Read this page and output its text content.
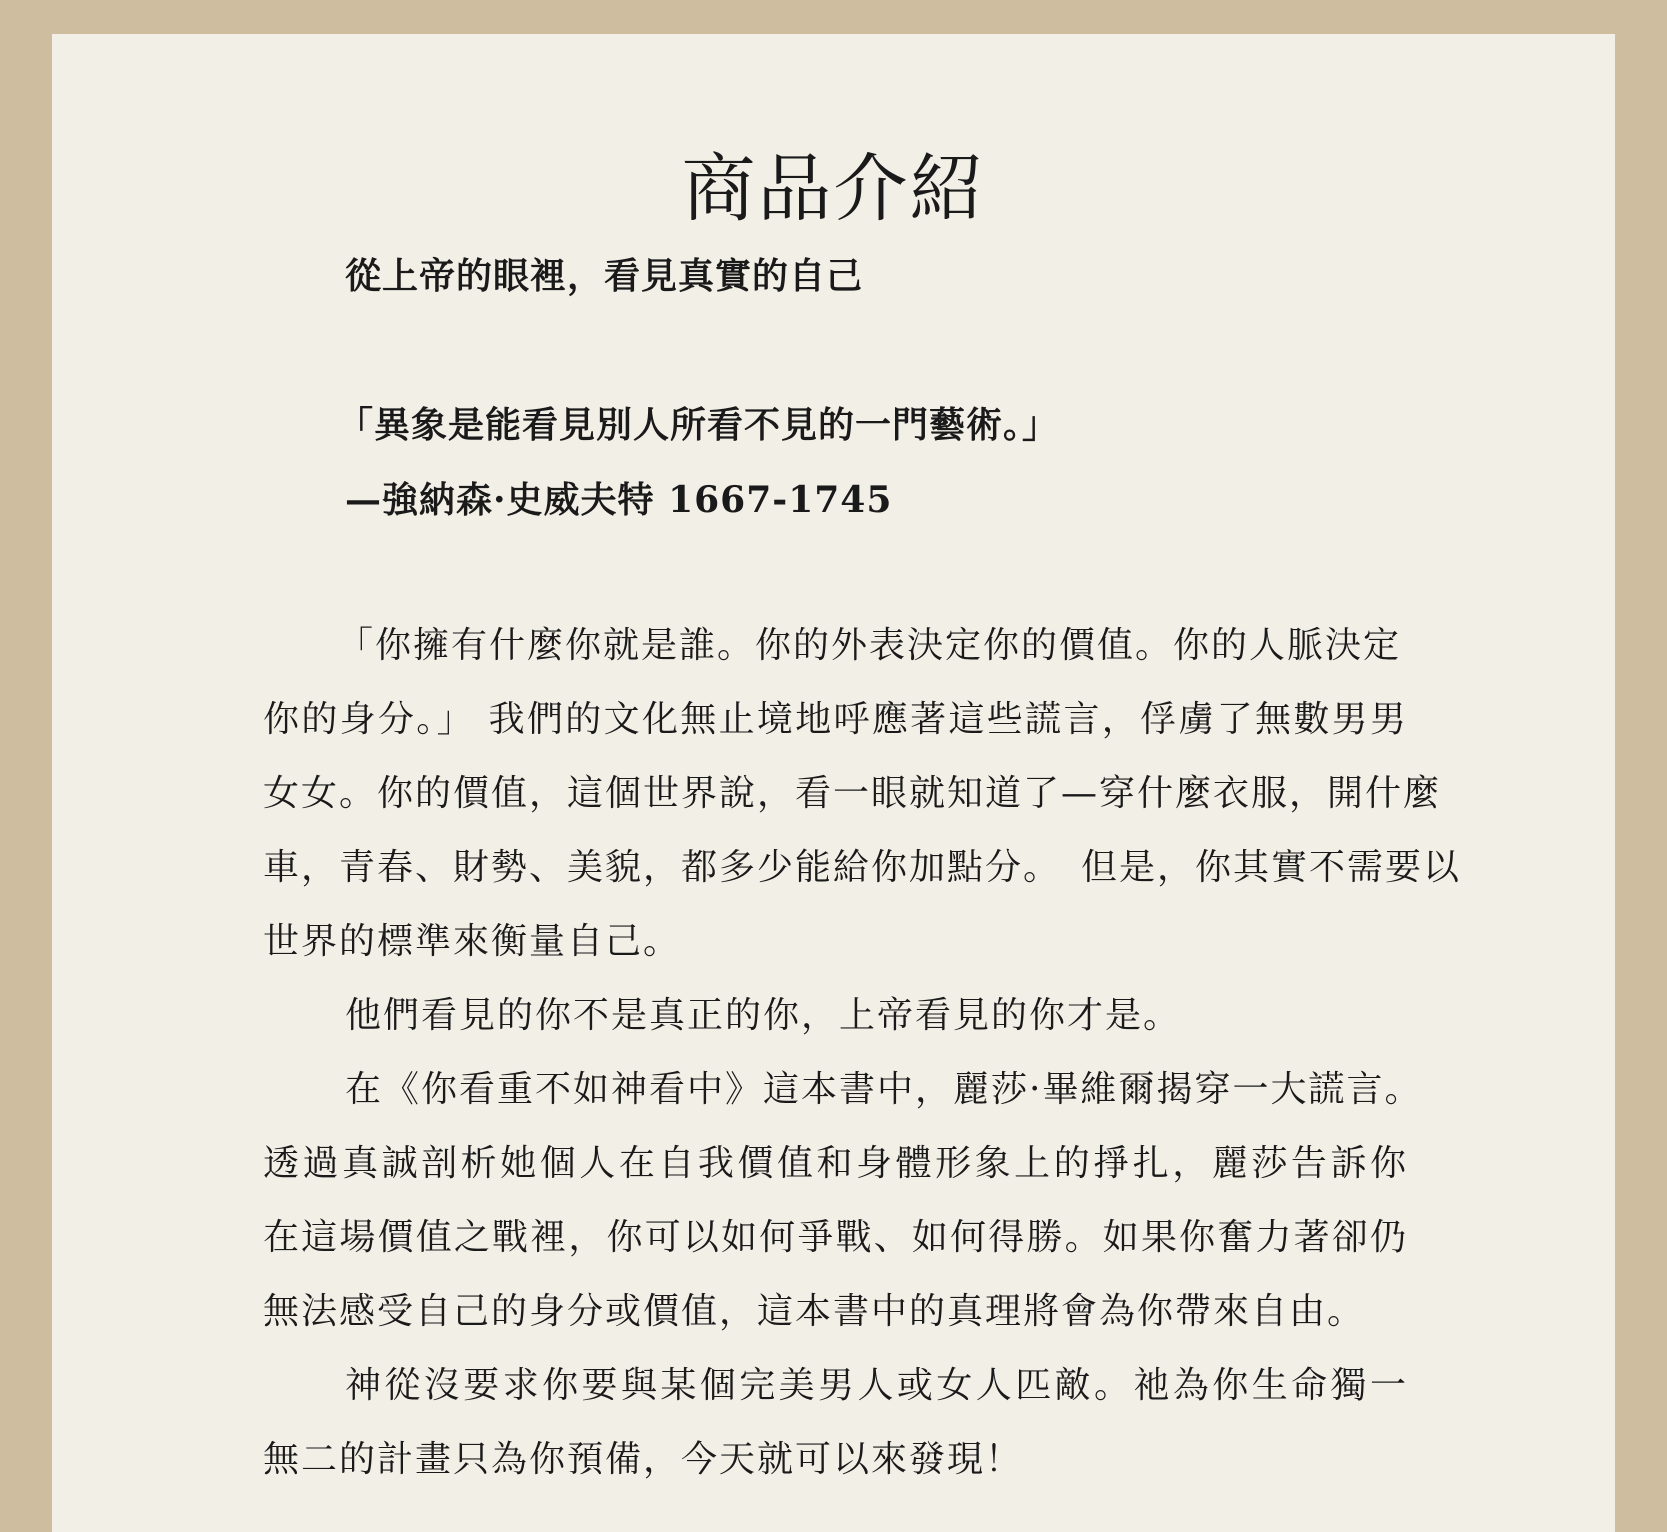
商品介紹
從上帝的眼裡，看見真實的自己
「異象是能看見別人所看不見的一門藝術。」
—強納森·史威夫特 1667-1745
「你擁有什麼你就是誰。你的外表決定你的價值。你的人脈決定
你的身分。」 我們的文化無止境地呼應著這些謊言，俘虜了無數男男
女女。你的價值，這個世界說，看一眼就知道了—穿什麼衣服，開什麼
車，青春、財勢、美貌，都多少能給你加點分。　但是，你其實不需要以
世界的標準來衡量自己。
他們看見的你不是真正的你，上帝看見的你才是。
在《你看重不如神看中》這本書中，麗莎·畢維爾揭穿一大謊言。
透過真誠剖析她個人在自我價值和身體形象上的掙扎，麗莎告訴你
在這場價值之戰裡，你可以如何爭戰、如何得勝。如果你奮力著卻仍
無法感受自己的身分或價值，這本書中的真理將會為你帶來自由。
神從沒要求你要與某個完美男人或女人匹敵。祂為你生命獨一
無二的計畫只為你預備，今天就可以來發現！
